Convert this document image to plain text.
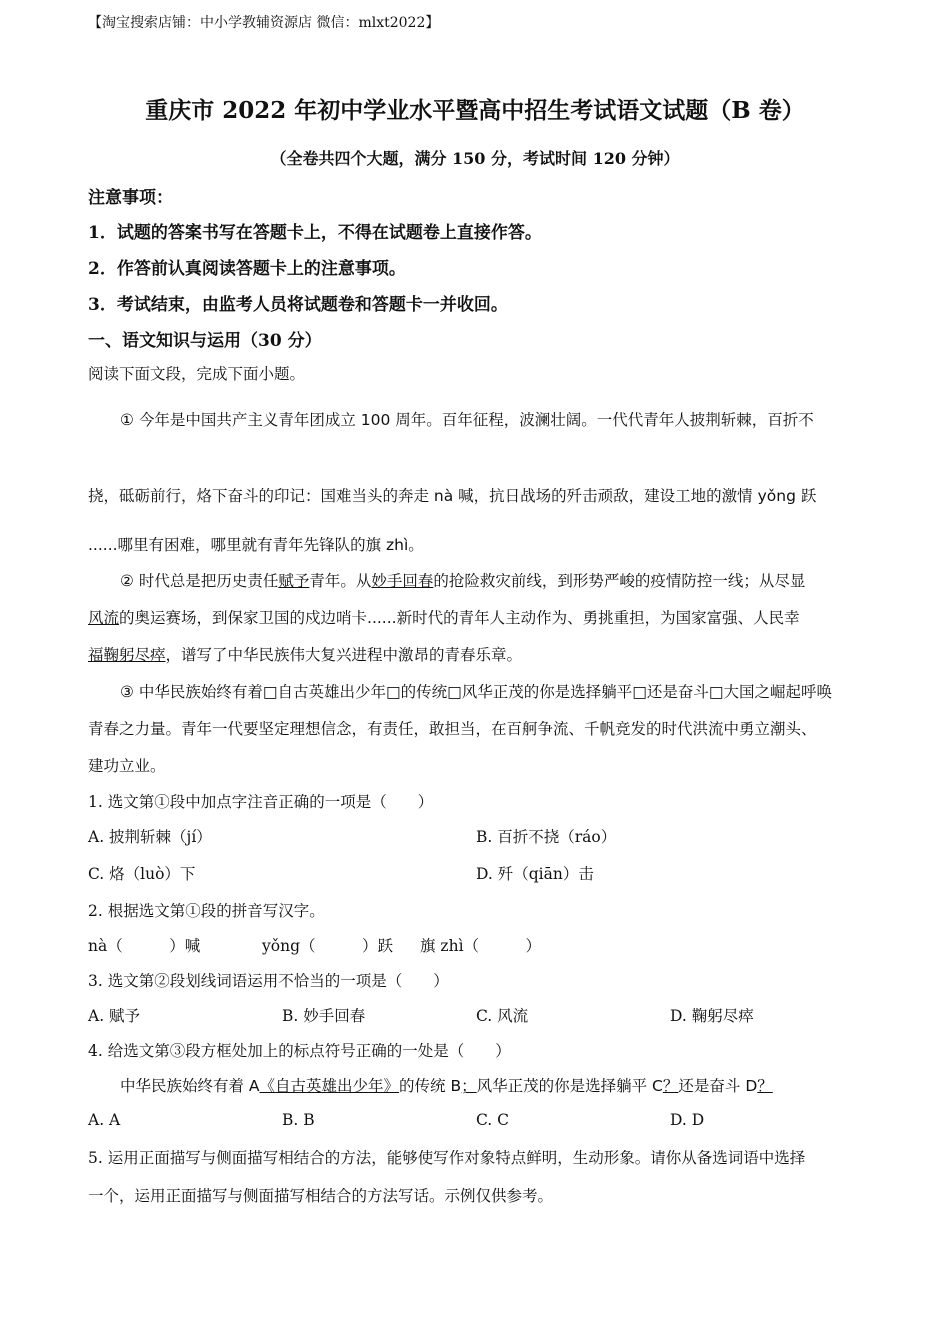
【淘宝搜索店铺：中小学教辅资源店 微信：mlxt2022】
重庆市 2022 年初中学业水平暨高中招生考试语文试题（B 卷）
（全卷共四个大题，满分 150 分，考试时间 120 分钟）
注意事项：
1．试题的答案书写在答题卡上，不得在试题卷上直接作答。
2．作答前认真阅读答题卡上的注意事项。
3．考试结束，由监考人员将试题卷和答题卡一并收回。
一、语文知识与运用（30 分）
阅读下面文段，完成下面小题。
① 今年是中国共产主义青年团成立 100 周年。百年征程，波澜壮阔。一代代青年人披荆斩棘，百折不
挠，砥砺前行，烙下奋斗的印记：国难当头的奔走 nà 喊，抗日战场的歼击顽敌，建设工地的激情 yǒng 跃
......哪里有困难，哪里就有青年先锋队的旗 zhì。
② 时代总是把历史责任赋予青年。从妙手回春的抢险救灾前线，到形势严峻的疫情防控一线；从尽显
风流的奥运赛场，到保家卫国的戍边哨卡......新时代的青年人主动作为、勇挑重担，为国家富强、人民幸
福鞠躬尽瘁，谱写了中华民族伟大复兴进程中激昂的青春乐章。
③ 中华民族始终有着□自古英雄出少年□的传统□风华正茂的你是选择躺平□还是奋斗□大国之崛起呼唤
青春之力量。青年一代要坚定理想信念，有责任，敢担当，在百舸争流、千帆竞发的时代洪流中勇立潮头、
建功立业。
1. 选文第①段中加点字注音正确的一项是（　　）
A. 披荆斩棘（jí）	B. 百折不挠（ráo）
C. 烙（luò）下	D. 歼（qiān）击
2. 根据选文第①段的拼音写汉字。
nà（　　　）喊	yǒng（　　　）跃 旗 zhì（　　　）
3. 选文第②段划线词语运用不恰当的一项是（　　）
A. 赋予	B. 妙手回春	C. 风流	D. 鞠躬尽瘁
4. 给选文第③段方框处加上的标点符号正确的一处是（　　）
中华民族始终有着 A《自古英雄出少年》的传统 B；风华正茂的你是选择躺平 C？还是奋斗 D？
A. A	B. B	C. C	D. D
5. 运用正面描写与侧面描写相结合的方法，能够使写作对象特点鲜明，生动形象。请你从备选词语中选择
一个，运用正面描写与侧面描写相结合的方法写话。示例仅供参考。
